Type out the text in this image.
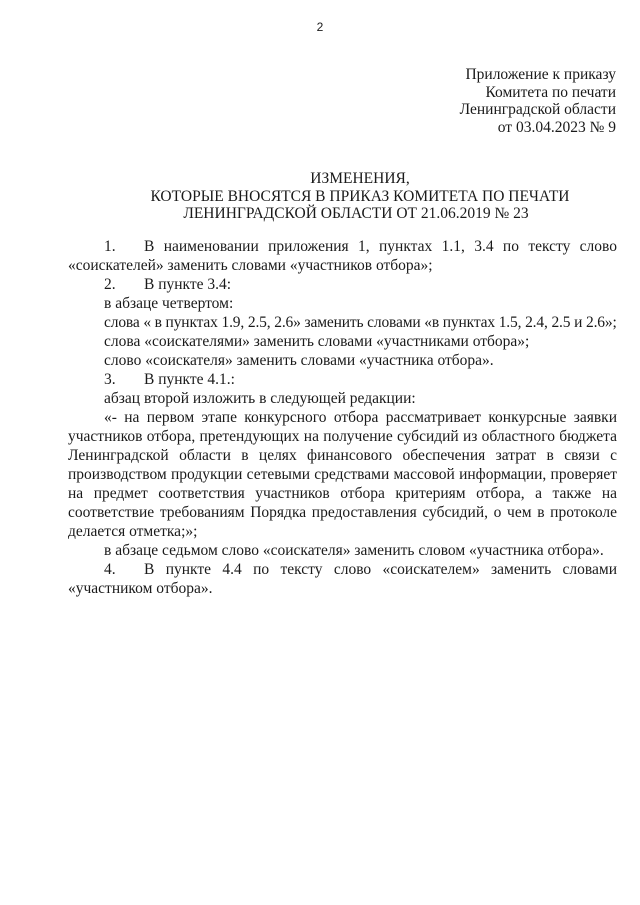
2
Приложение к приказу
Комитета по печати
Ленинградской области
от 03.04.2023 № 9
ИЗМЕНЕНИЯ,
КОТОРЫЕ ВНОСЯТСЯ В ПРИКАЗ КОМИТЕТА ПО ПЕЧАТИ
ЛЕНИНГРАДСКОЙ ОБЛАСТИ ОТ 21.06.2019 № 23

1. В наименовании приложения 1, пунктах 1.1, 3.4 по тексту слово «соискателей» заменить словами «участников отбора»;

2. В пункте 3.4:

в абзаце четвертом:

слова « в пунктах 1.9, 2.5, 2.6» заменить словами «в пунктах 1.5, 2.4, 2.5 и 2.6»;

слова «соискателями» заменить словами «участниками отбора»;

слово «соискателя» заменить словами «участника отбора».

3. В пункте 4.1.:

абзац второй изложить в следующей редакции:

«- на первом этапе конкурсного отбора рассматривает конкурсные заявки участников отбора, претендующих на получение субсидий из областного бюджета Ленинградской области в целях финансового обеспечения затрат в связи с производством продукции сетевыми средствами массовой информации, проверяет на предмет соответствия участников отбора критериям отбора, а также на соответствие требованиям Порядка предоставления субсидий, о чем в протоколе делается отметка;»;

в абзаце седьмом слово «соискателя» заменить словом «участника отбора».

4. В пункте 4.4 по тексту слово «соискателем» заменить словами «участником отбора».
